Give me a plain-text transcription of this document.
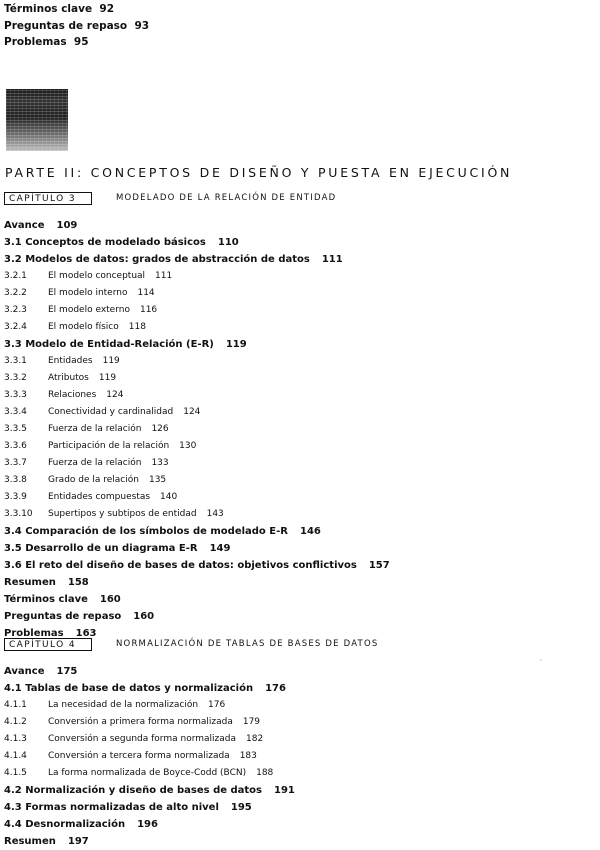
Términos clave 92
Preguntas de repaso 93
Problemas 95
PARTE II: CONCEPTOS DE DISEÑO Y PUESTA EN EJECUCIÓN
CAPÍTULO 3	MODELADO DE LA RELACIÓN DE ENTIDAD
Avance 109
3.1 Conceptos de modelado básicos 110
3.2 Modelos de datos: grados de abstracción de datos 111
3.2.1 El modelo conceptual 111
3.2.2 El modelo interno 114
3.2.3 El modelo externo 116
3.2.4 El modelo físico 118
3.3 Modelo de Entidad-Relación (E-R) 119
3.3.1 Entidades 119
3.3.2 Atributos 119
3.3.3 Relaciones 124
3.3.4 Conectividad y cardinalidad 124
3.3.5 Fuerza de la relación 126
3.3.6 Participación de la relación 130
3.3.7 Fuerza de la relación 133
3.3.8 Grado de la relación 135
3.3.9 Entidades compuestas 140
3.3.10 Supertipos y subtipos de entidad 143
3.4 Comparación de los símbolos de modelado E-R 146
3.5 Desarrollo de un diagrama E-R 149
3.6 El reto del diseño de bases de datos: objetivos conflictivos 157
Resumen 158
Términos clave 160
Preguntas de repaso 160
Problemas 163
CAPÍTULO 4	NORMALIZACIÓN DE TABLAS DE BASES DE DATOS
Avance 175
4.1 Tablas de base de datos y normalización 176
4.1.1 La necesidad de la normalización 176
4.1.2 Conversión a primera forma normalizada 179
4.1.3 Conversión a segunda forma normalizada 182
4.1.4 Conversión a tercera forma normalizada 183
4.1.5 La forma normalizada de Boyce-Codd (BCN) 188
4.2 Normalización y diseño de bases de datos 191
4.3 Formas normalizadas de alto nivel 195
4.4 Desnormalización 196
Resumen 197
,
